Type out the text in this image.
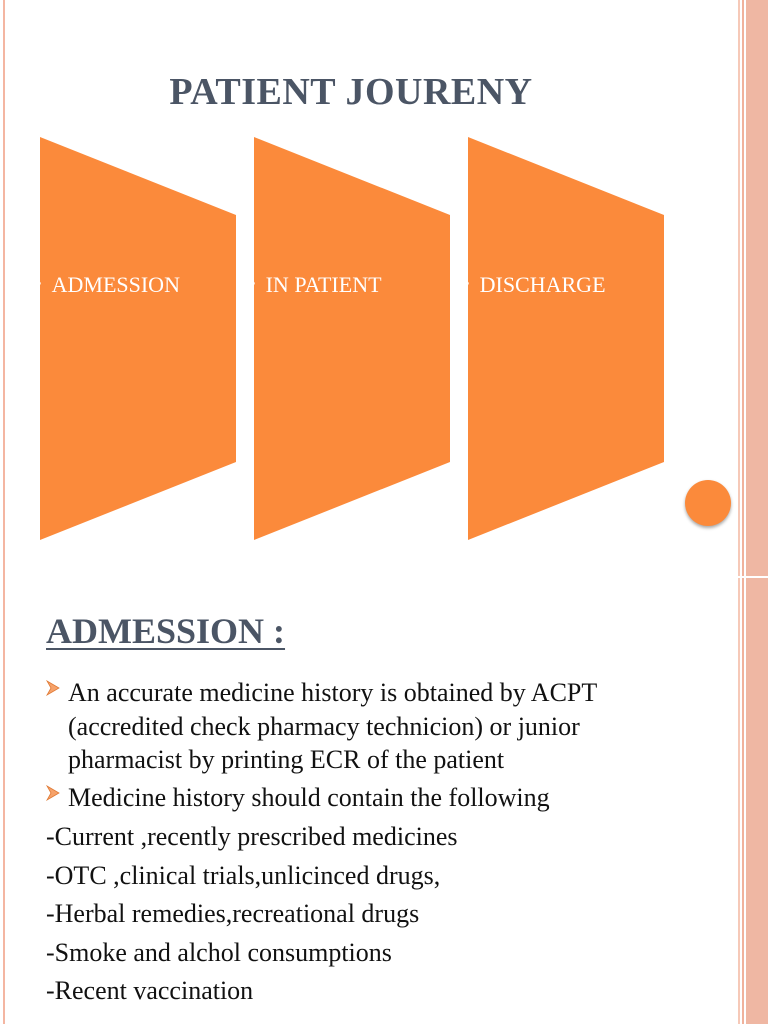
PATIENT JOURENY
• ADMESSION	• IN PATIENT	• DISCHARGE
ADMESSION :
An accurate medicine history is obtained by ACPT (accredited check pharmacy technicion) or junior pharmacist by printing ECR of the patient
Medicine history should contain the following

-Current ,recently prescribed medicines

-OTC ,clinical trials,unlicinced drugs,

-Herbal remedies,recreational drugs

-Smoke and alchol consumptions

-Recent vaccination
